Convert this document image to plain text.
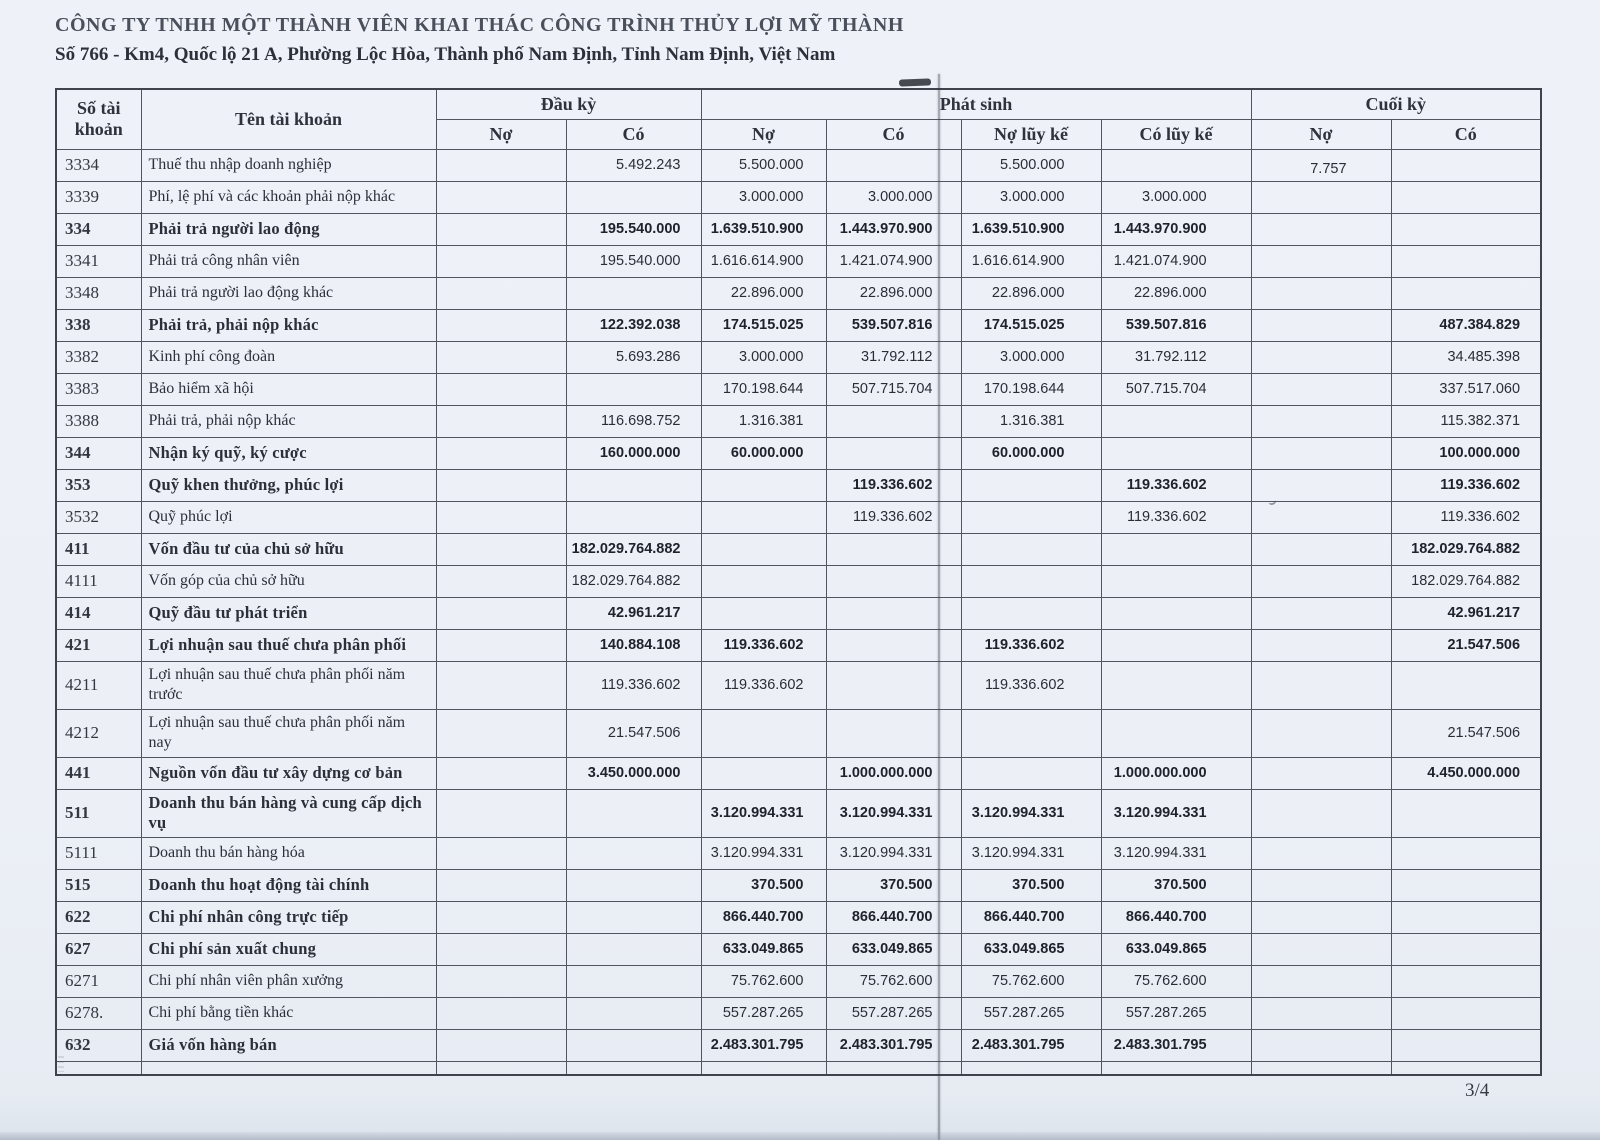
CÔNG TY TNHH MỘT THÀNH VIÊN KHAI THÁC CÔNG TRÌNH THỦY LỢI MỸ THÀNH
Số 766 - Km4, Quốc lộ 21 A, Phường Lộc Hòa, Thành phố Nam Định, Tỉnh Nam Định, Việt Nam
Số tài khoản	Tên tài khoản	Đầu kỳ		Phát sinh				Cuối kỳ	
		Nợ	Có	Nợ	Có	Nợ lũy kế	Có lũy kế	Nợ	Có
3334	Thuế thu nhập doanh nghiệp		5.492.243	5.500.000		5.500.000		7.757	
3339	Phí, lệ phí và các khoản phải nộp khác			3.000.000	3.000.000	3.000.000	3.000.000		
334	Phải trả người lao động		195.540.000	1.639.510.900	1.443.970.900	1.639.510.900	1.443.970.900		
3341	Phải trả công nhân viên		195.540.000	1.616.614.900	1.421.074.900	1.616.614.900	1.421.074.900		
3348	Phải trả người lao động khác			22.896.000	22.896.000	22.896.000	22.896.000		
338	Phải trả, phải nộp khác		122.392.038	174.515.025	539.507.816	174.515.025	539.507.816		487.384.829
3382	Kinh phí công đoàn		5.693.286	3.000.000	31.792.112	3.000.000	31.792.112		34.485.398
3383	Bảo hiểm xã hội			170.198.644	507.715.704	170.198.644	507.715.704		337.517.060
3388	Phải trả, phải nộp khác		116.698.752	1.316.381		1.316.381			115.382.371
344	Nhận ký quỹ, ký cược		160.000.000	60.000.000		60.000.000			100.000.000
353	Quỹ khen thưởng, phúc lợi				119.336.602		119.336.602		119.336.602
3532	Quỹ phúc lợi				119.336.602		119.336.602		119.336.602
411	Vốn đầu tư của chủ sở hữu		182.029.764.882						182.029.764.882
4111	Vốn góp của chủ sở hữu		182.029.764.882						182.029.764.882
414	Quỹ đầu tư phát triển		42.961.217						42.961.217
421	Lợi nhuận sau thuế chưa phân phối		140.884.108	119.336.602		119.336.602			21.547.506
4211	Lợi nhuận sau thuế chưa phân phối năm trước		119.336.602	119.336.602		119.336.602			
4212	Lợi nhuận sau thuế chưa phân phối năm nay		21.547.506						21.547.506
441	Nguồn vốn đầu tư xây dựng cơ bản		3.450.000.000		1.000.000.000		1.000.000.000		4.450.000.000
511	Doanh thu bán hàng và cung cấp dịch vụ			3.120.994.331	3.120.994.331	3.120.994.331	3.120.994.331		
5111	Doanh thu bán hàng hóa			3.120.994.331	3.120.994.331	3.120.994.331	3.120.994.331		
515	Doanh thu hoạt động tài chính			370.500	370.500	370.500	370.500		
622	Chi phí nhân công trực tiếp			866.440.700	866.440.700	866.440.700	866.440.700		
627	Chi phí sản xuất chung			633.049.865	633.049.865	633.049.865	633.049.865		
6271	Chi phí nhân viên phân xưởng			75.762.600	75.762.600	75.762.600	75.762.600		
6278.	Chi phí bằng tiền khác			557.287.265	557.287.265	557.287.265	557.287.265		
632	Giá vốn hàng bán			2.483.301.795	2.483.301.795	2.483.301.795	2.483.301.795		

3/4
